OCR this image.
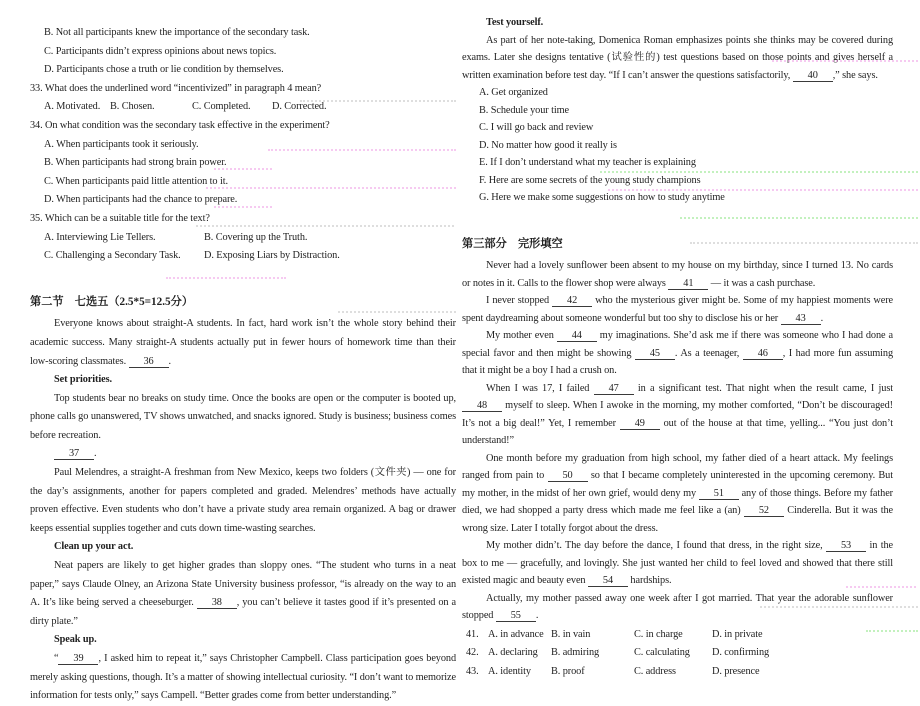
B. Not all participants knew the importance of the secondary task.
C. Participants didn’t express opinions about news topics.
D. Participants chose a truth or lie condition by themselves.
33. What does the underlined word “incentivized” in paragraph 4 mean?
A. Motivated. B. Chosen.	C. Completed.	D. Corrected.
34. On what condition was the secondary task effective in the experiment?
A. When participants took it seriously.
B. When participants had strong brain power.
C. When participants paid little attention to it.
D. When participants had the chance to prepare.
35. Which can be a suitable title for the text?
A. Interviewing Lie Tellers.	B. Covering up the Truth.
C. Challenging a Secondary Task.	D. Exposing Liars by Distraction.
第二节　七选五（2.5*5=12.5分）

Everyone knows about straight-A students. In fact, hard work isn’t the whole story behind their academic success. Many straight-A students actually put in fewer hours of homework time than their low-scoring classmates. 36 .

Set priorities.

Top students bear no breaks on study time. Once the books are open or the computer is booted up, phone calls go unanswered, TV shows unwatched, and snacks ignored. Study is business; business comes before recreation.

37 .

Paul Melendres, a straight-A freshman from New Mexico, keeps two folders (文件夹) — one for the day’s assignments, another for papers completed and graded. Melendres’ methods have actually proven effective. Even students who don’t have a private study area remain organized. A bag or drawer keeps essential supplies together and cuts down time-wasting searches.

Clean up your act.

Neat papers are likely to get higher grades than sloppy ones. “The student who turns in a neat paper,” says Claude Olney, an Arizona State University business professor, “is already on the way to an A. It’s like being served a cheeseburger. 38 , you can’t believe it tastes good if it’s presented on a dirty plate.”

Speak up.

“ 39 , I asked him to repeat it,” says Christopher Campbell. Class participation goes beyond merely asking questions, though. It’s a matter of showing intellectual curiosity. “I don’t want to memorize information for tests only,” says Campell. “Better grades come from better understanding.”

Test yourself.

As part of her note-taking, Domenica Roman emphasizes points she thinks may be covered during exams. Later she designs tentative (试验性的) test questions based on those points and gives herself a written examination before test day. “If I can’t answer the questions satisfactorily, 40 ,” she says.

A. Get organized
B. Schedule your time
C. I will go back and review
D. No matter how good it really is
E. If I don’t understand what my teacher is explaining
F. Here are some secrets of the young study champions
G. Here we make some suggestions on how to study anytime
第三部分　完形填空

Never had a lovely sunflower been absent to my house on my birthday, since I turned 13. No cards or notes in it. Calls to the flower shop were always 41 — it was a cash purchase.

I never stopped 42 who the mysterious giver might be. Some of my happiest moments were spent daydreaming about someone wonderful but too shy to disclose his or her 43 .

My mother even 44 my imaginations. She’d ask me if there was someone who I had done a special favor and then might be showing 45 . As a teenager, 46 , I had more fun assuming that it might be a boy I had a crush on.

When I was 17, I failed 47 in a significant test. That night when the result came, I just 48 myself to sleep. When I awoke in the morning, my mother comforted, “Don’t be discouraged! It’s not a big deal!” Yet, I remember 49 out of the house at that time, yelling... “You just don’t understand!”

One month before my graduation from high school, my father died of a heart attack. My feelings ranged from pain to 50 so that I became completely uninterested in the upcoming ceremony. But my mother, in the midst of her own grief, would deny my 51 any of those things. Before my father died, we had shopped a party dress which made me feel like a (an) 52 Cinderella. But it was the wrong size. Later I totally forgot about the dress.

My mother didn’t. The day before the dance, I found that dress, in the right size, 53 in the box to me — gracefully, and lovingly. She just wanted her child to feel loved and showed that there still existed magic and beauty even 54 hardships.

Actually, my mother passed away one week after I got married. That year the adorable sunflower stopped 55 .

41. A. in advance B. in vain	C. in charge	D. in private
42. A. declaring	B. admiring	C. calculating	D. confirming
43. A. identity	B. proof	C. address	D. presence
